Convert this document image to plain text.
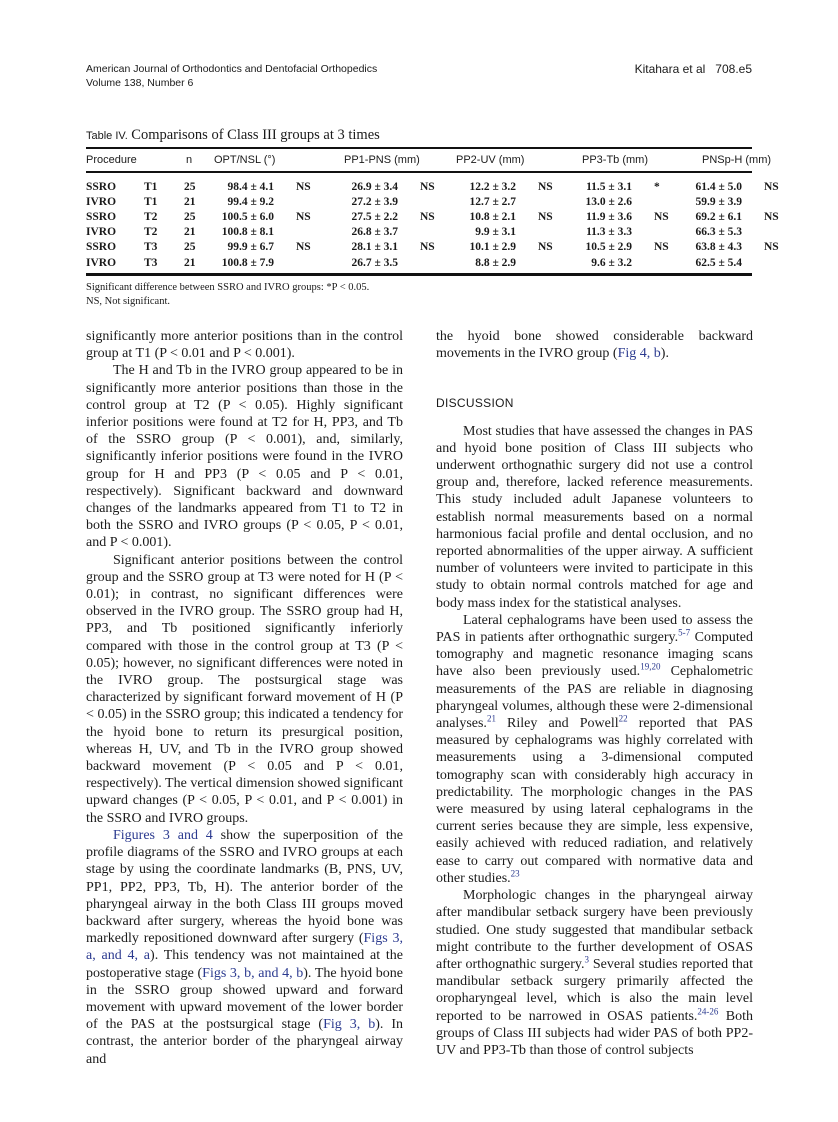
American Journal of Orthodontics and Dentofacial Orthopedics
Volume 138, Number 6
Kitahara et al 708.e5
Table IV. Comparisons of Class III groups at 3 times
Procedure		n	OPT/NSL (°)		PP1-PNS (mm)		PP2-UV (mm)		PP3-Tb (mm)		PNSp-H (mm)	
SSRO	T1	25	98.4 ± 4.1	NS	26.9 ± 3.4	NS	12.2 ± 3.2	NS	11.5 ± 3.1	*	61.4 ± 5.0	NS
IVRO	T1	21	99.4 ± 9.2		27.2 ± 3.9		12.7 ± 2.7		13.0 ± 2.6		59.9 ± 3.9	
SSRO	T2	25	100.5 ± 6.0	NS	27.5 ± 2.2	NS	10.8 ± 2.1	NS	11.9 ± 3.6	NS	69.2 ± 6.1	NS
IVRO	T2	21	100.8 ± 8.1		26.8 ± 3.7		9.9 ± 3.1		11.3 ± 3.3		66.3 ± 5.3	
SSRO	T3	25	99.9 ± 6.7	NS	28.1 ± 3.1	NS	10.1 ± 2.9	NS	10.5 ± 2.9	NS	63.8 ± 4.3	NS
IVRO	T3	21	100.8 ± 7.9		26.7 ± 3.5		8.8 ± 2.9		9.6 ± 3.2		62.5 ± 5.4	
Significant difference between SSRO and IVRO groups: *P < 0.05.
NS, Not significant.

significantly more anterior positions than in the control group at T1 (P < 0.01 and P < 0.001).

The H and Tb in the IVRO group appeared to be in significantly more anterior positions than those in the control group at T2 (P < 0.05). Highly significant inferior positions were found at T2 for H, PP3, and Tb of the SSRO group (P < 0.001), and, similarly, significantly inferior positions were found in the IVRO group for H and PP3 (P < 0.05 and P < 0.01, respectively). Significant backward and downward changes of the landmarks appeared from T1 to T2 in both the SSRO and IVRO groups (P < 0.05, P < 0.01, and P < 0.001).

Significant anterior positions between the control group and the SSRO group at T3 were noted for H (P < 0.01); in contrast, no significant differences were observed in the IVRO group. The SSRO group had H, PP3, and Tb positioned significantly inferiorly compared with those in the control group at T3 (P < 0.05); however, no significant differences were noted in the IVRO group. The postsurgical stage was characterized by significant forward movement of H (P < 0.05) in the SSRO group; this indicated a tendency for the hyoid bone to return its presurgical position, whereas H, UV, and Tb in the IVRO group showed backward movement (P < 0.05 and P < 0.01, respectively). The vertical dimension showed significant upward changes (P < 0.05, P < 0.01, and P < 0.001) in the SSRO and IVRO groups.

Figures 3 and 4 show the superposition of the profile diagrams of the SSRO and IVRO groups at each stage by using the coordinate landmarks (B, PNS, UV, PP1, PP2, PP3, Tb, H). The anterior border of the pharyngeal airway in the both Class III groups moved backward after surgery, whereas the hyoid bone was markedly repositioned downward after surgery (Figs 3, a, and 4, a). This tendency was not maintained at the postoperative stage (Figs 3, b, and 4, b). The hyoid bone in the SSRO group showed upward and forward movement with upward movement of the lower border of the PAS at the postsurgical stage (Fig 3, b). In contrast, the anterior border of the pharyngeal airway and

the hyoid bone showed considerable backward movements in the IVRO group (Fig 4, b).

DISCUSSION

Most studies that have assessed the changes in PAS and hyoid bone position of Class III subjects who underwent orthognathic surgery did not use a control group and, therefore, lacked reference measurements. This study included adult Japanese volunteers to establish normal measurements based on a normal harmonious facial profile and dental occlusion, and no reported abnormalities of the upper airway. A sufficient number of volunteers were invited to participate in this study to obtain normal controls matched for age and body mass index for the statistical analyses.

Lateral cephalograms have been used to assess the PAS in patients after orthognathic surgery.$^{5-7}$ Computed tomography and magnetic resonance imaging scans have also been previously used.$^{19,20}$ Cephalometric measurements of the PAS are reliable in diagnosing pharyngeal volumes, although these were 2-dimensional analyses.$^{21}$ Riley and Powell$^{22}$ reported that PAS measured by cephalograms was highly correlated with measurements using a 3-dimensional computed tomography scan with considerably high accuracy in predictability. The morphologic changes in the PAS were measured by using lateral cephalograms in the current series because they are simple, less expensive, easily achieved with reduced radiation, and relatively ease to carry out compared with normative data and other studies.$^{23}$

Morphologic changes in the pharyngeal airway after mandibular setback surgery have been previously studied. One study suggested that mandibular setback might contribute to the further development of OSAS after orthognathic surgery.$^3$ Several studies reported that mandibular setback surgery primarily affected the oropharyngeal level, which is also the main level reported to be narrowed in OSAS patients.$^{24-26}$ Both groups of Class III subjects had wider PAS of both PP2-UV and PP3-Tb than those of control subjects
